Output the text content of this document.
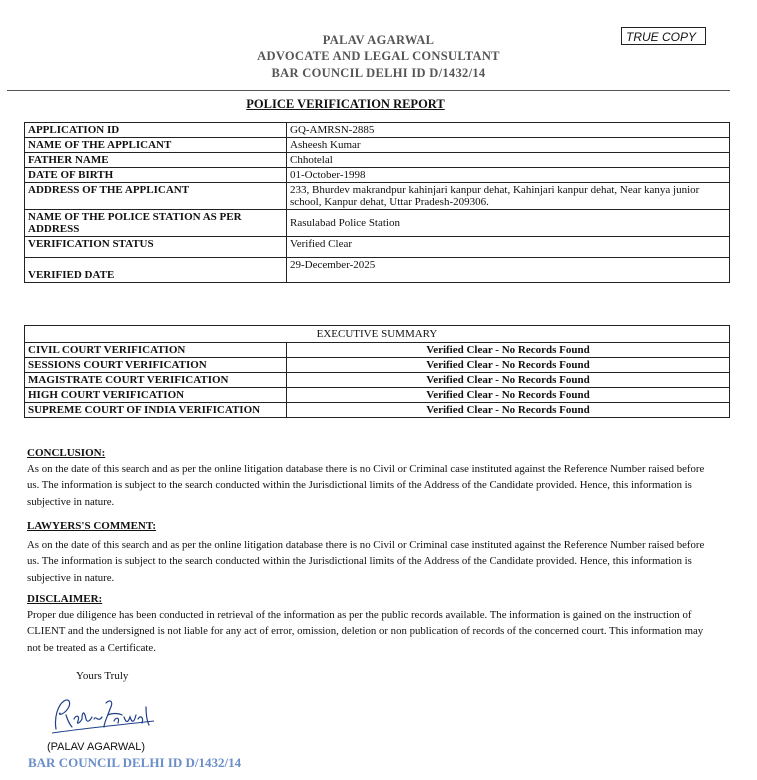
PALAV AGARWAL
ADVOCATE AND LEGAL CONSULTANT
BAR COUNCIL DELHI ID D/1432/14
TRUE COPY
POLICE VERIFICATION REPORT
APPLICATION ID	GQ-AMRSN-2885
NAME OF THE APPLICANT	Asheesh Kumar
FATHER NAME	Chhotelal
DATE OF BIRTH	01-October-1998
ADDRESS OF THE APPLICANT	233, Bhurdev makrandpur kahinjari kanpur dehat, Kahinjari kanpur dehat, Near kanya junior school, Kanpur dehat, Uttar Pradesh-209306.
NAME OF THE POLICE STATION AS PER ADDRESS	Rasulabad Police Station
VERIFICATION STATUS	Verified Clear
VERIFIED DATE	29-December-2025
EXECUTIVE SUMMARY	
CIVIL COURT VERIFICATION	Verified Clear - No Records Found
SESSIONS COURT VERIFICATION	Verified Clear - No Records Found
MAGISTRATE COURT VERIFICATION	Verified Clear - No Records Found
HIGH COURT VERIFICATION	Verified Clear - No Records Found
SUPREME COURT OF INDIA VERIFICATION	Verified Clear - No Records Found
CONCLUSION:
As on the date of this search and as per the online litigation database there is no Civil or Criminal case instituted against the Reference Number raised before us. The information is subject to the search conducted within the Jurisdictional limits of the Address of the Candidate provided. Hence, this information is subjective in nature.
LAWYERS'S COMMENT:
As on the date of this search and as per the online litigation database there is no Civil or Criminal case instituted against the Reference Number raised before us. The information is subject to the search conducted within the Jurisdictional limits of the Address of the Candidate provided. Hence, this information is subjective in nature.
DISCLAIMER:
Proper due diligence has been conducted in retrieval of the information as per the public records available. The information is gained on the instruction of CLIENT and the undersigned is not liable for any act of error, omission, deletion or non publication of records of the concerned court. This information may not be treated as a Certificate.
Yours Truly
(PALAV AGARWAL)
BAR COUNCIL DELHI ID D/1432/14
